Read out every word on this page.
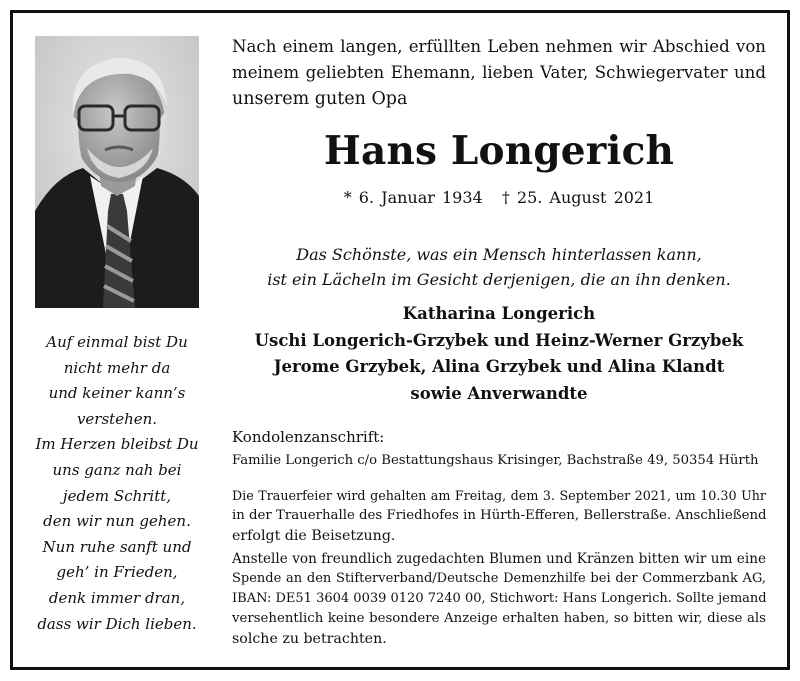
Auf einmal bist Du
nicht mehr da
und keiner kann’s
verstehen.
Im Herzen bleibst Du
uns ganz nah bei
jedem Schritt,
den wir nun gehen.
Nun ruhe sanft und
geh’ in Frieden,
denk immer dran,
dass wir Dich lieben.
Nach einem langen, erfüllten Leben nehmen wir Abschied von
meinem geliebten Ehemann, lieben Vater, Schwiegervater und
unserem guten Opa
Hans Longerich
* 6. Januar 1934 † 25. August 2021
Das Schönste, was ein Mensch hinterlassen kann,
ist ein Lächeln im Gesicht derjenigen, die an ihn denken.
Katharina Longerich
Uschi Longerich-Grzybek und Heinz-Werner Grzybek
Jerome Grzybek, Alina Grzybek und Alina Klandt
sowie Anverwandte
Kondolenzanschrift:
Familie Longerich c/o Bestattungshaus Krisinger, Bachstraße 49, 50354 Hürth
Die Trauerfeier wird gehalten am Freitag, dem 3. September 2021, um 10.30 Uhr
in der Trauerhalle des Friedhofes in Hürth-Efferen, Bellerstraße. Anschließend
erfolgt die Beisetzung.
Anstelle von freundlich zugedachten Blumen und Kränzen bitten wir um eine
Spende an den Stifterverband/Deutsche Demenzhilfe bei der Commerzbank AG,
IBAN: DE51 3604 0039 0120 7240 00, Stichwort: Hans Longerich. Sollte jemand
versehentlich keine besondere Anzeige erhalten haben, so bitten wir, diese als
solche zu betrachten.
